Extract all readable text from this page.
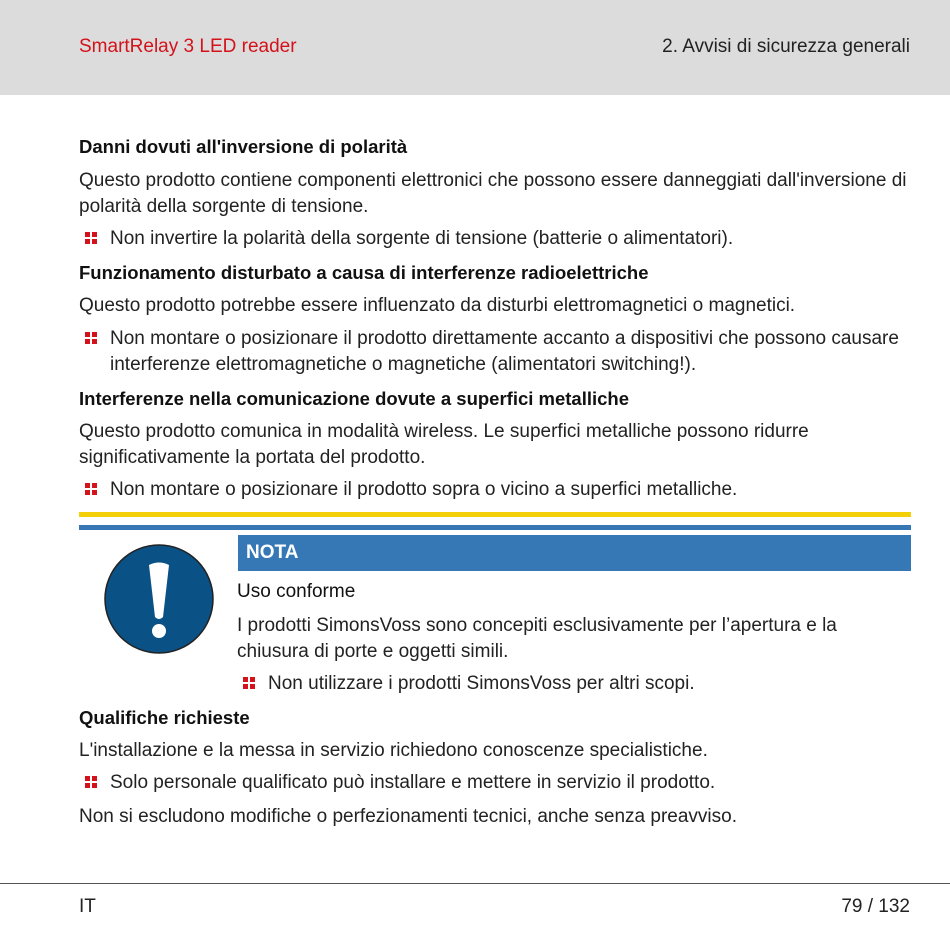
SmartRelay 3 LED reader	2. Avvisi di sicurezza generali
Danni dovuti all'inversione di polarità
Questo prodotto contiene componenti elettronici che possono essere danneggiati dall'inversione di polarità della sorgente di tensione.
Non invertire la polarità della sorgente di tensione (batterie o alimentatori).
Funzionamento disturbato a causa di interferenze radioelettriche
Questo prodotto potrebbe essere influenzato da disturbi elettromagnetici o magnetici.
Non montare o posizionare il prodotto direttamente accanto a dispositivi che possono causare interferenze elettromagnetiche o magnetiche (alimentatori switching!).
Interferenze nella comunicazione dovute a superfici metalliche
Questo prodotto comunica in modalità wireless. Le superfici metalliche possono ridurre significativamente la portata del prodotto.
Non montare o posizionare il prodotto sopra o vicino a superfici metalliche.
NOTA
Uso conforme
I prodotti SimonsVoss sono concepiti esclusivamente per l’apertura e la chiusura di porte e oggetti simili.
Non utilizzare i prodotti SimonsVoss per altri scopi.
Qualifiche richieste
L'installazione e la messa in servizio richiedono conoscenze specialistiche.
Solo personale qualificato può installare e mettere in servizio il prodotto.
Non si escludono modifiche o perfezionamenti tecnici, anche senza preavviso.
IT	79 / 132
